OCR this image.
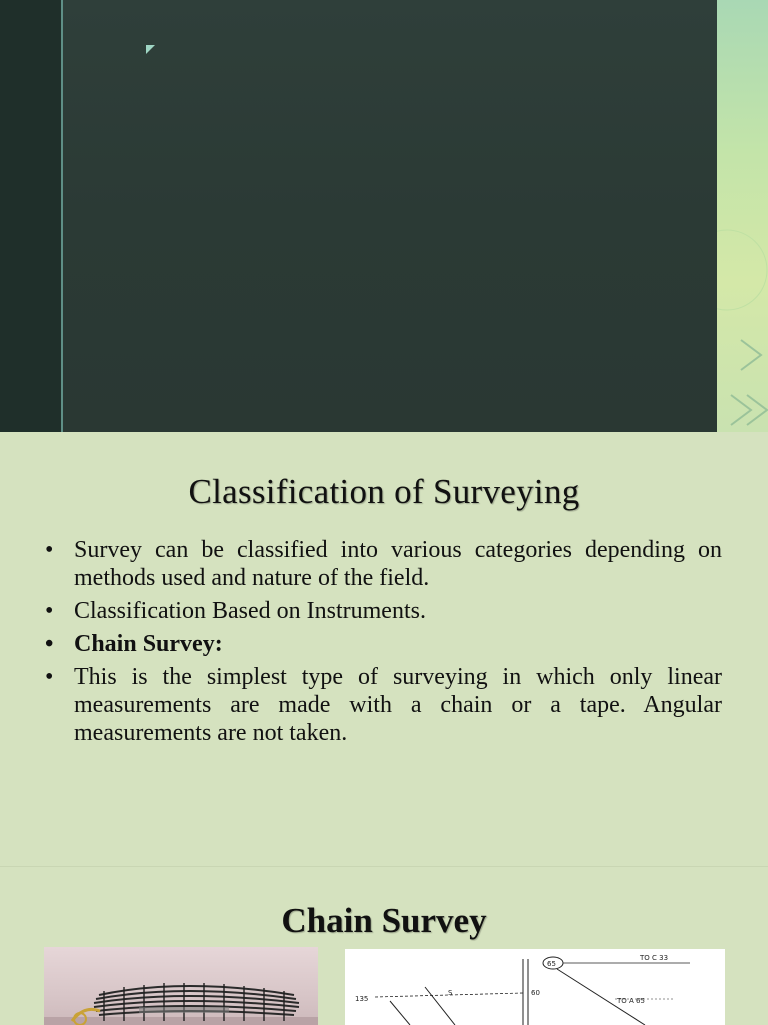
Classification of Surveying
• Survey can be classified into various categories depending on methods used and nature of the field.
• Classification Based on Instruments.
• Chain Survey:
• This is the simplest type of surveying in which only linear measurements are made with a chain or a tape. Angular measurements are not taken.
Chain Survey
65
TO C 33
TO A 65
135
S	60
